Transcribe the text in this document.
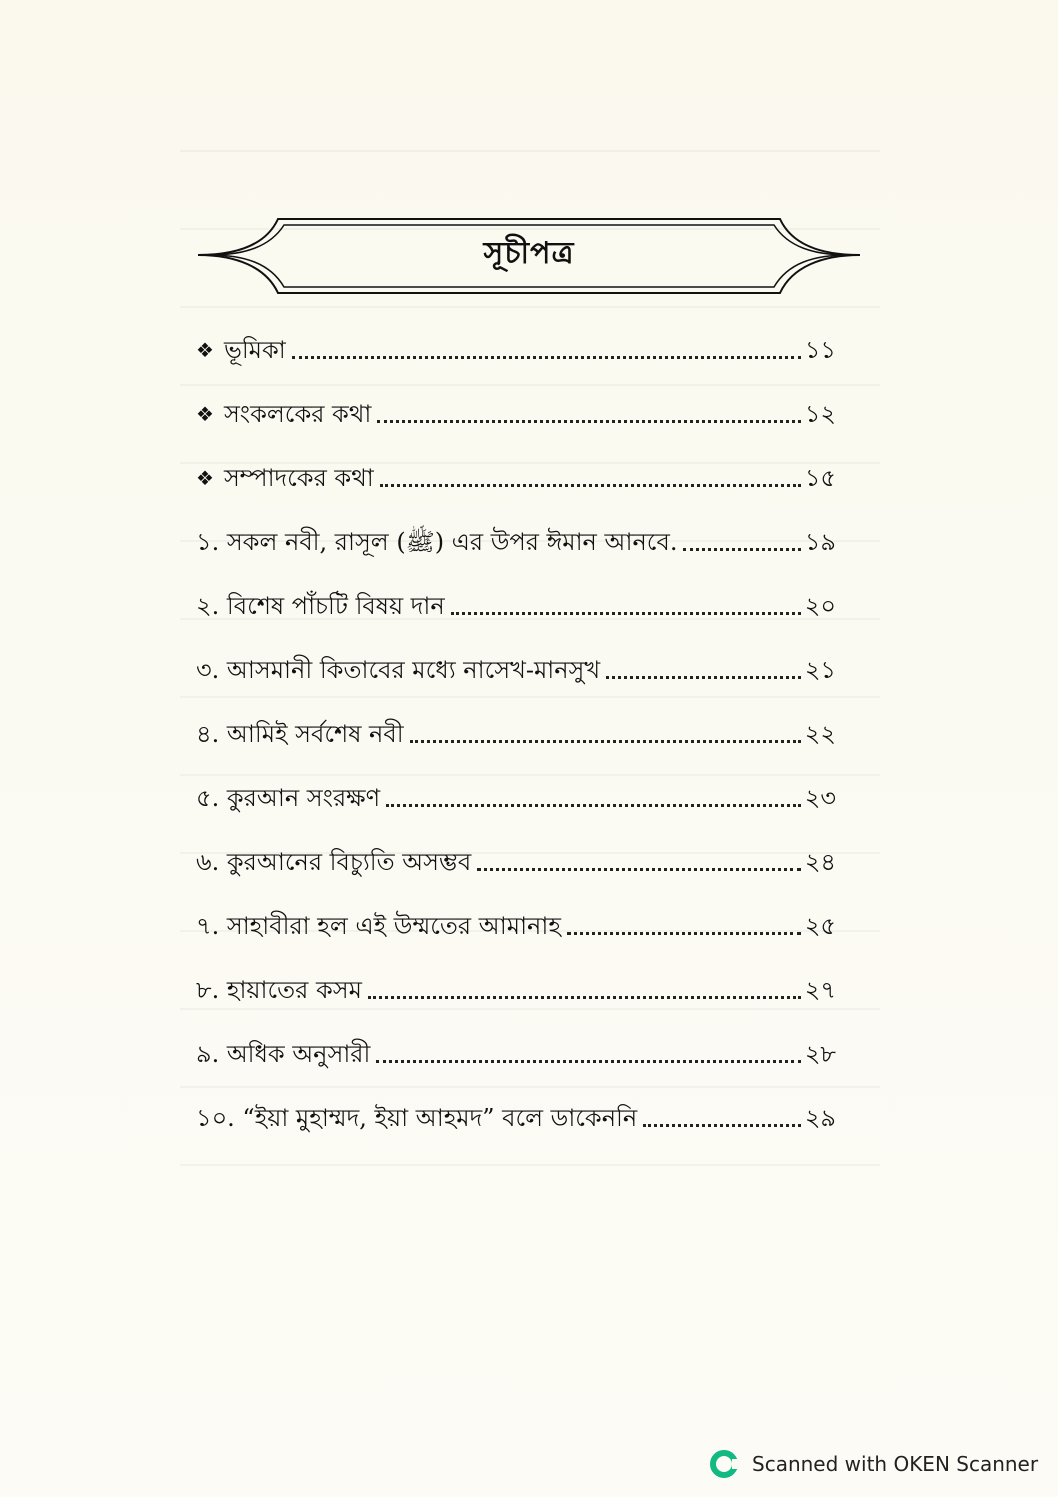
সূচীপত্র
❖ ভূমিকা	১১
❖ সংকলকের কথা	১২
❖ সম্পাদকের কথা	১৫
১. সকল নবী, রাসূল (ﷺ) এর উপর ঈমান আনবে.	১৯
২. বিশেষ পাঁচটি বিষয় দান	২০
৩. আসমানী কিতাবের মধ্যে নাসেখ-মানসুখ	২১
৪. আমিই সর্বশেষ নবী	২২
৫. কুরআন সংরক্ষণ	২৩
৬. কুরআনের বিচ্যুতি অসম্ভব	২৪
৭. সাহাবীরা হল এই উম্মতের আমানাহ	২৫
৮. হায়াতের কসম	২৭
৯. অধিক অনুসারী	২৮
১০. “ইয়া মুহাম্মদ, ইয়া আহমদ” বলে ডাকেননি	২৯
Scanned with OKEN Scanner
